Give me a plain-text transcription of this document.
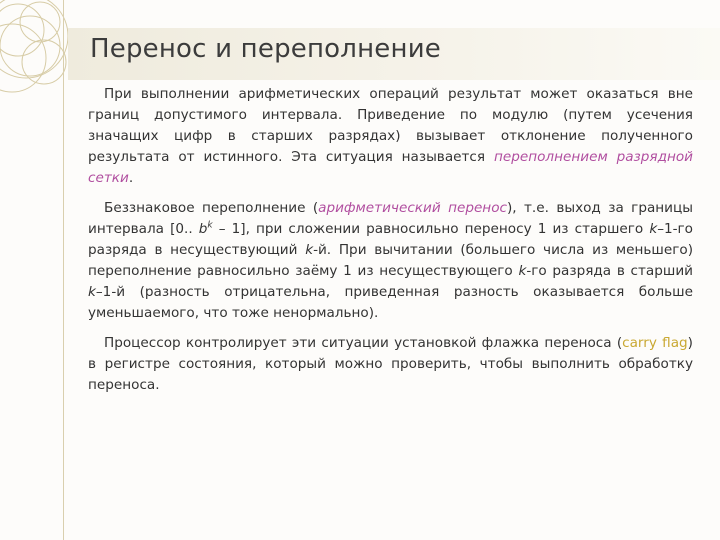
Перенос и переполнение

При выполнении арифметических операций результат может оказаться вне границ допустимого интервала. Приведение по модулю (путем усечения значащих цифр в старших разрядах) вызывает отклонение полученного результата от истинного. Эта ситуация называется переполнением разрядной сетки.

Беззнаковое переполнение (арифметический перенос), т.е. выход за границы интервала [0.. $b^k - 1$], при сложении равносильно переносу 1 из старшего k–1-го разряда в несуществующий k-й. При вычитании (большего числа из меньшего) переполнение равносильно заёму 1 из несуществующего k-го разряда в старший k–1-й (разность отрицательна, приведенная разность оказывается больше уменьшаемого, что тоже ненормально).

Процессор контролирует эти ситуации установкой флажка переноса (carry flag) в регистре состояния, который можно проверить, чтобы выполнить обработку переноса.
